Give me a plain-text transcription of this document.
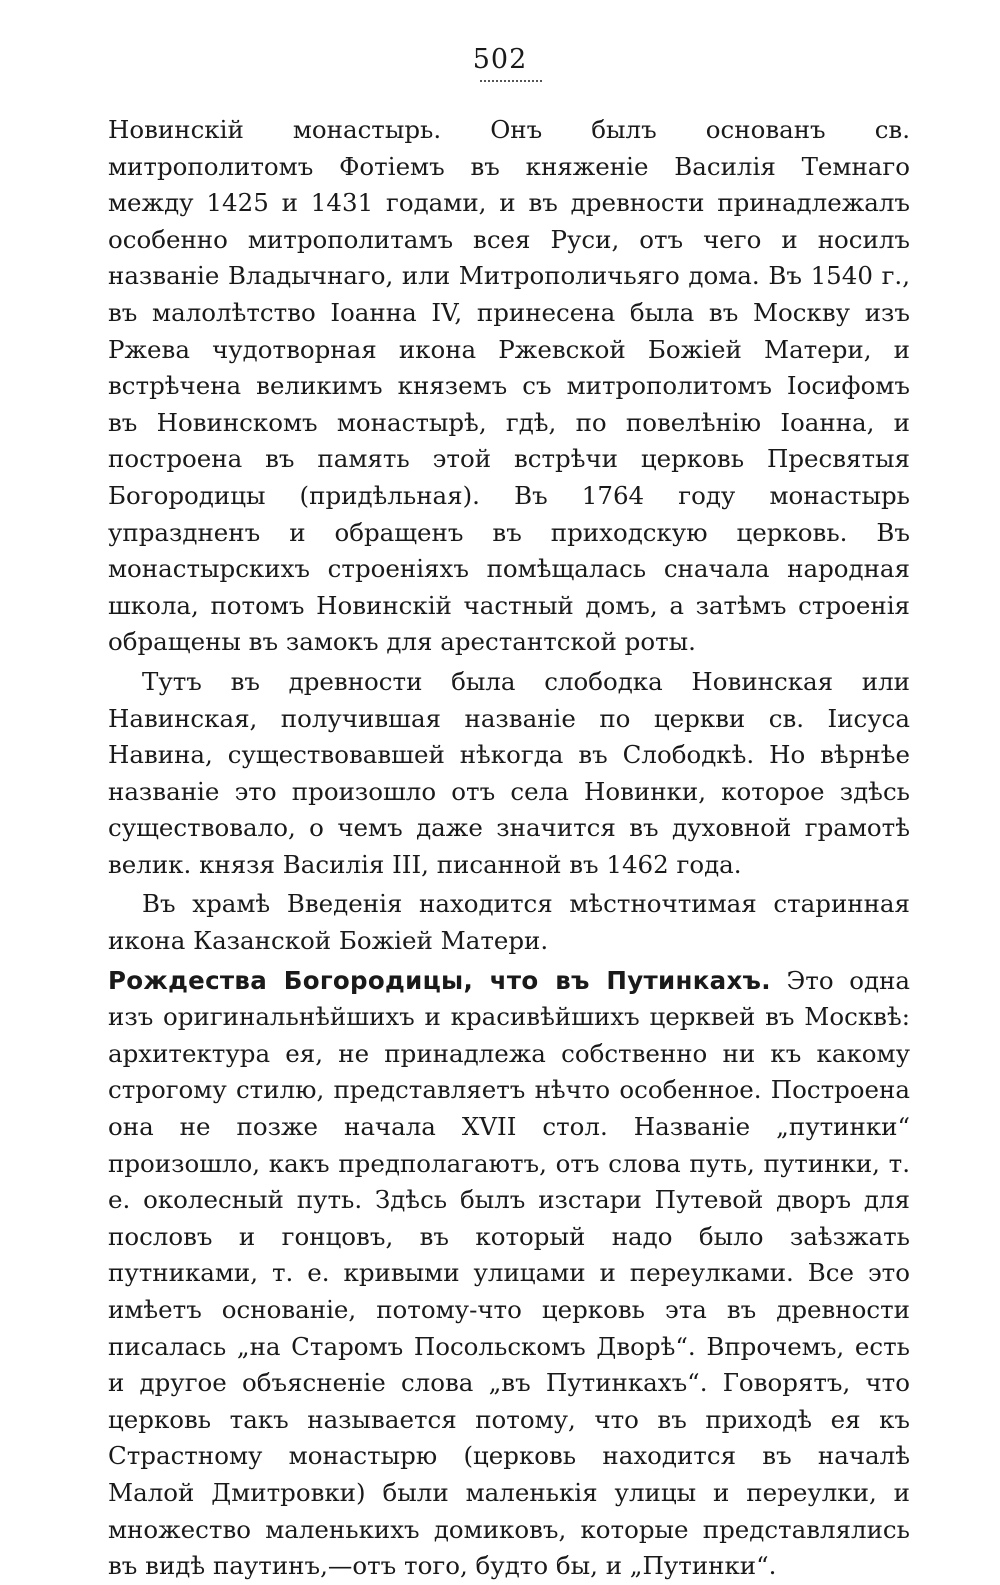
502

Новинскiй монастырь. Онъ былъ основанъ св. митрополитомъ Фотiемъ въ княженiе Василiя Темнаго между 1425 и 1431 годами, и въ древности принадлежалъ особенно митрополитамъ всея Руси, отъ чего и носилъ названiе Владычнаго, или Митрополичьяго дома. Въ 1540 г., въ малолѣтство Iоанна IV, принесена была въ Москву изъ Ржева чудотворная икона Ржевской Божiей Матери, и встрѣчена великимъ княземъ съ митрополитомъ Iосифомъ въ Новинскомъ монастырѣ, гдѣ, по повелѣнiю Iоанна, и построена въ память этой встрѣчи церковь Пресвятыя Богородицы (придѣльная). Въ 1764 году монастырь упраздненъ и обращенъ въ приходскую церковь. Въ монастырскихъ строенiяхъ помѣщалась сначала народная школа, потомъ Новинскiй частный домъ, а затѣмъ строенiя обращены въ замокъ для арестантской роты.

Тутъ въ древности была слободка Новинская или Навинская, получившая названiе по церкви св. Iисуса Навина, существовавшей нѣкогда въ Слободкѣ. Но вѣрнѣе названiе это произошло отъ села Новинки, которое здѣсь существовало, о чемъ даже значится въ духовной грамотѣ велик. князя Василiя III, писанной въ 1462 года.

Въ храмѣ Введенiя находится мѣстночтимая старинная икона Казанской Божiей Матери.

Рождества Богородицы, что въ Путинкахъ. Это одна изъ оригинальнѣйшихъ и красивѣйшихъ церквей въ Москвѣ: архитектура ея, не принадлежа собственно ни къ какому строгому стилю, представляетъ нѣчто особенное. Построена она не позже начала XVII стол. Названiе „путинки“ произошло, какъ предполагаютъ, отъ слова путь, путинки, т. е. околесный путь. Здѣсь былъ изстари Путевой дворъ для пословъ и гонцовъ, въ который надо было заѣзжать путниками, т. е. кривыми улицами и переулками. Все это имѣетъ основанiе, потому-что церковь эта въ древности писалась „на Старомъ Посольскомъ Дворѣ“. Впрочемъ, есть и другое объясненiе слова „въ Путинкахъ“. Говорятъ, что церковь такъ называется потому, что въ приходѣ ея къ Страстному монастырю (церковь находится въ началѣ Малой Дмитровки) были маленькiя улицы и переулки, и множество маленькихъ домиковъ, которые представлялись въ видѣ паутинъ,—отъ того, будто бы, и „Путинки“.
